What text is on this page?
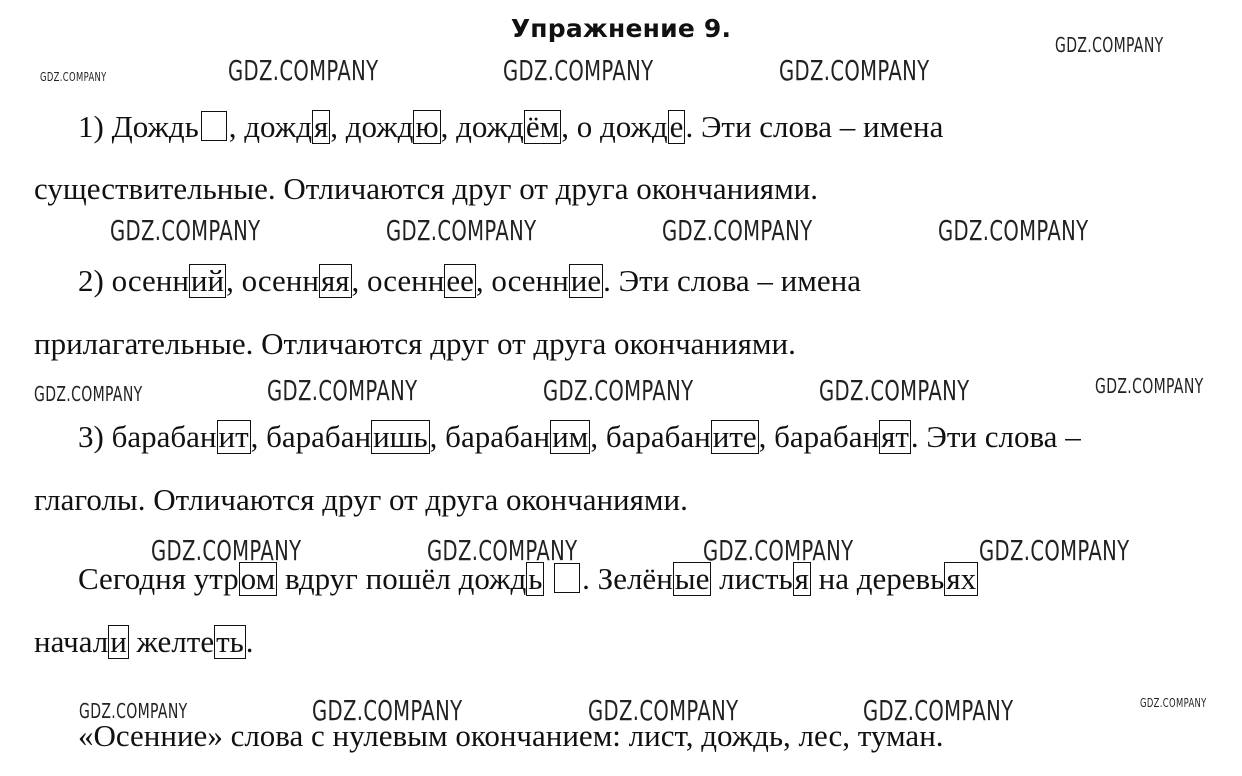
Упражнение 9.
1) Дождь , дождя, дождю, дождём, о дожде. Эти слова – имена
существительные. Отличаются друг от друга окончаниями.
2) осенний, осенняя, осеннее, осенние. Эти слова – имена
прилагательные. Отличаются друг от друга окончаниями.
3) барабанит, барабанишь, барабаним, барабаните, барабанят. Эти слова –
глаголы. Отличаются друг от друга окончаниями.
Сегодня утром вдруг пошёл дождь . Зелёные листья на деревьях
начали желтеть.
«Осенние» слова с нулевым окончанием: лист, дождь, лес, туман.
GDZ.COMPANY
GDZ.COMPANY
GDZ.COMPANY	GDZ.COMPANY	GDZ.COMPANY
GDZ.COMPANY	GDZ.COMPANY	GDZ.COMPANY	GDZ.COMPANY
GDZ.COMPANY	GDZ.COMPANY	GDZ.COMPANY	GDZ.COMPANY	GDZ.COMPANY
GDZ.COMPANY	GDZ.COMPANY	GDZ.COMPANY	GDZ.COMPANY
GDZ.COMPANY	GDZ.COMPANY	GDZ.COMPANY	GDZ.COMPANY	GDZ.COMPANY
